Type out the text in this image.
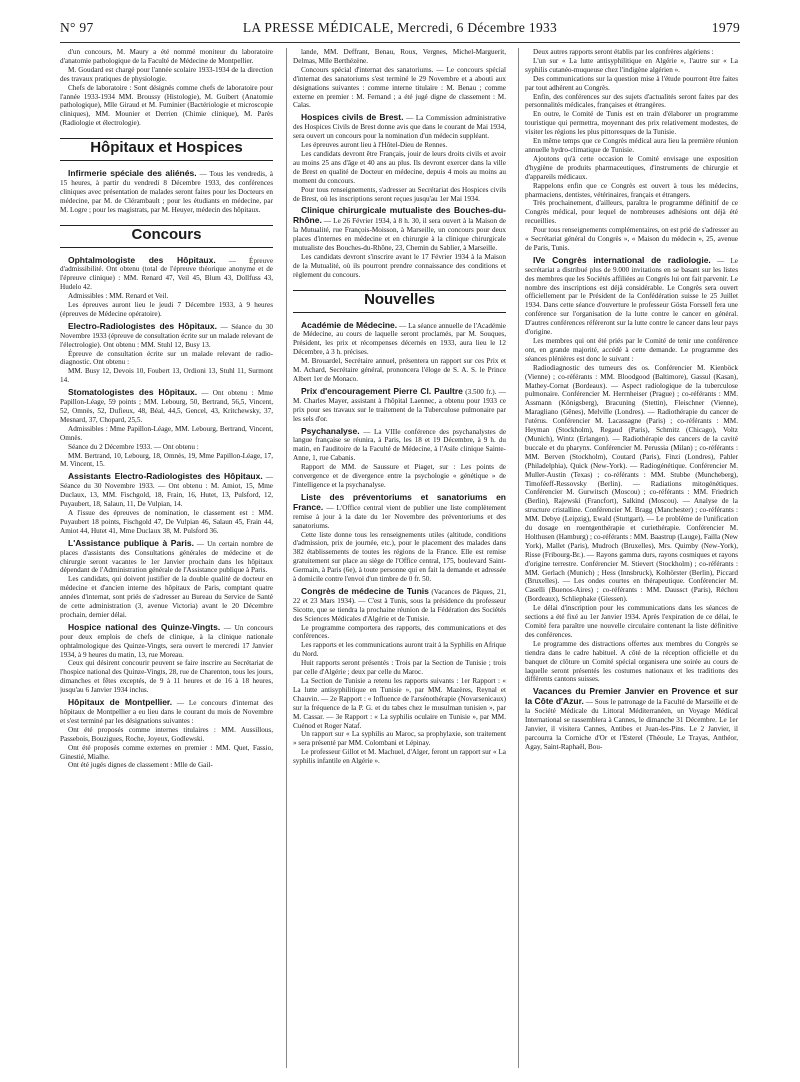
N° 97	LA PRESSE MÉDICALE, Mercredi, 6 Décembre 1933	1979

d'un concours, M. Maury a été nommé moniteur du laboratoire d'anatomie pathologique de la Faculté de Médecine de Montpellier.

M. Goudard est chargé pour l'année scolaire 1933-1934 de la direction des travaux pratiques de physiologie.

Chefs de laboratoire : Sont désignés comme chefs de laboratoire pour l'année 1933-1934 MM. Broussy (Histologie), M. Guibert (Anatomie pathologique), Mlle Giraud et M. Fuminier (Bactériologie et microscopie cliniques), MM. Mounier et Derrien (Chimie clinique), M. Parès (Radiologie et électrologie).

Hôpitaux et Hospices

Infirmerie spéciale des aliénés. — Tous les vendredis, à 15 heures, à partir du vendredi 8 Décembre 1933, des conférences cliniques avec présentation de malades seront faites pour les Docteurs en médecine, par M. de Clérambault ; pour les étudiants en médecine, par M. Logre ; pour les magistrats, par M. Heuyer, médecin des hôpitaux.

Concours

Ophtalmologiste des Hôpitaux. — Épreuve d'admissibilité. Ont obtenu (total de l'épreuve théorique anonyme et de l'épreuve clinique) : MM. Renard 47, Veil 45, Blum 43, Dollfuss 43, Hudelo 42.

Admissibles : MM. Renard et Veil.

Les épreuves auront lieu le jeudi 7 Décembre 1933, à 9 heures (épreuves de Médecine opératoire).

Electro-Radiologistes des Hôpitaux. — Séance du 30 Novembre 1933 (épreuve de consultation écrite sur un malade relevant de l'électrologie). Ont obtenu : MM. Stuhl 12, Busy 13.

Épreuve de consultation écrite sur un malade relevant de radio-diagnostic. Ont obtenu :

MM. Busy 12, Devois 10, Foubert 13, Ordioni 13, Stuhl 11, Surmont 14.

Stomatologistes des Hôpitaux. — Ont obtenu : Mme Papillon-Léage, 59 points ; MM. Lebourg, 50, Bertrand, 56,5, Vincent, 52, Omnès, 52, Dufieux, 48, Béal, 44,5, Gencel, 43, Kritchewsky, 37, Mesnard, 37, Chopard, 25,5.

Admissibles : Mme Papillon-Léage, MM. Lebourg, Bertrand, Vincent, Omnès.

Séance du 2 Décembre 1933. — Ont obtenu :

MM. Bertrand, 10, Lebourg, 18, Omnès, 19, Mme Papillon-Léage, 17, M. Vincent, 15.

Assistants Electro-Radiologistes des Hôpitaux. — Séance du 30 Novembre 1933. — Ont obtenu : M. Amiot, 15, Mme Duclaux, 13, MM. Fischgold, 18, Frain, 16, Hutet, 13, Pulsford, 12, Puyaubert, 18, Salaun, 11, De Vulpian, 14.

A l'issue des épreuves de nomination, le classement est : MM. Puyaubert 18 points, Fischgold 47, De Vulpian 46, Salaun 45, Frain 44, Amiot 44, Hutet 41, Mme Duclaux 38, M. Pulsford 36.

L'Assistance publique à Paris. — Un certain nombre de places d'assistants des Consultations générales de médecine et de chirurgie seront vacantes le 1er Janvier prochain dans les hôpitaux dépendant de l'Administration générale de l'Assistance publique à Paris.

Les candidats, qui doivent justifier de la double qualité de docteur en médecine et d'ancien interne des hôpitaux de Paris, comptant quatre années d'internat, sont priés de s'adresser au Bureau du Service de Santé de cette administration (3, avenue Victoria) avant le 20 Décembre prochain, dernier délai.

Hospice national des Quinze-Vingts. — Un concours pour deux emplois de chefs de clinique, à la clinique nationale ophtalmologique des Quinze-Vingts, sera ouvert le mercredi 17 Janvier 1934, à 9 heures du matin, 13, rue Moreau.

Ceux qui désirent concourir peuvent se faire inscrire au Secrétariat de l'hospice national des Quinze-Vingts, 28, rue de Charenton, tous les jours, dimanches et fêtes exceptés, de 9 à 11 heures et de 16 à 18 heures, jusqu'au 6 Janvier 1934 inclus.

Hôpitaux de Montpellier. — Le concours d'internat des hôpitaux de Montpellier a eu lieu dans le courant du mois de Novembre et s'est terminé par les désignations suivantes :

Ont été proposés comme internes titulaires : MM. Aussillous, Passebois, Bouzigues, Roche, Joyeux, Godlewski.

Ont été proposés comme externes en premier : MM. Quet, Fassio, Ginestié, Mialhe.

Ont été jugés dignes de classement : Mlle de Gail-

lande, MM. Deffrant, Benau, Roux, Vergnes, Michel-Marguerit, Delmas, Mlle Berthézène.

Concours spécial d'internat des sanatoriums. — Le concours spécial d'internat des sanatoriums s'est terminé le 29 Novembre et a abouti aux désignations suivantes : comme interne titulaire : M. Benau ; comme externe en premier : M. Fernand ; a été jugé digne de classement : M. Calas.

Hospices civils de Brest. — La Commission administrative des Hospices Civils de Brest donne avis que dans le courant de Mai 1934, sera ouvert un concours pour la nomination d'un médecin suppléant.

Les épreuves auront lieu à l'Hôtel-Dieu de Rennes.

Les candidats devront être Français, jouir de leurs droits civils et avoir au moins 25 ans d'âge et 40 ans au plus. Ils devront exercer dans la ville de Brest en qualité de Docteur en médecine, depuis 4 mois au moins au moment du concours.

Pour tous renseignements, s'adresser au Secrétariat des Hospices civils de Brest, où les inscriptions seront reçues jusqu'au 1er Mai 1934.

Clinique chirurgicale mutualiste des Bouches-du-Rhône. — Le 26 Février 1934, à 8 h. 30, il sera ouvert à la Maison de la Mutualité, rue François-Moisson, à Marseille, un concours pour deux places d'internes en médecine et en chirurgie à la clinique chirurgicale mutualiste des Bouches-du-Rhône, 23, Chemin du Sablier, à Marseille.

Les candidats devront s'inscrire avant le 17 Février 1934 à la Maison de la Mutualité, où ils pourront prendre connaissance des conditions et règlement du concours.

Nouvelles

Académie de Médecine. — La séance annuelle de l'Académie de Médecine, au cours de laquelle seront proclamés, par M. Souques, Président, les prix et récompenses décernés en 1933, aura lieu le 12 Décembre, à 3 h. précises.

M. Brouardel, Secrétaire annuel, présentera un rapport sur ces Prix et M. Achard, Secrétaire général, prononcera l'éloge de S. A. S. le Prince Albert 1er de Monaco.

Prix d'encouragement Pierre Cl. Paultre (3.500 fr.). — M. Charles Mayer, assistant à l'hôpital Laennec, a obtenu pour 1933 ce prix pour ses travaux sur le traitement de la Tuberculose pulmonaire par les sels d'or.

Psychanalyse. — La VIIIe conférence des psychanalystes de langue française se réunira, à Paris, les 18 et 19 Décembre, à 9 h. du matin, en l'auditoire de la Faculté de Médecine, à l'Asile clinique Sainte-Anne, 1, rue Cabanis.

Rapport de MM. de Saussure et Piaget, sur : Les points de convergence et de divergence entre la psychologie « génétique » de l'intelligence et la psychanalyse.

Liste des préventoriums et sanatoriums en France. — L'Office central vient de publier une liste complètement remise à jour à la date du 1er Novembre des préventoriums et des sanatoriums.

Cette liste donne tous les renseignements utiles (altitude, conditions d'admission, prix de journée, etc.), pour le placement des malades dans 382 établissements de toutes les régions de la France. Elle est remise gratuitement sur place au siège de l'Office central, 175, boulevard Saint-Germain, à Paris (6e), à toute personne qui en fait la demande et adressée à domicile contre l'envoi d'un timbre de 0 fr. 50.

Congrès de médecine de Tunis (Vacances de Pâques, 21, 22 et 23 Mars 1934). — C'est à Tunis, sous la présidence du professeur Sicotte, que se tiendra la prochaine réunion de la Fédération des Sociétés des Sciences Médicales d'Algérie et de Tunisie.

Le programme comportera des rapports, des communications et des conférences.

Les rapports et les communications auront trait à la Syphilis en Afrique du Nord.

Huit rapports seront présentés : Trois par la Section de Tunisie ; trois par celle d'Algérie ; deux par celle du Maroc.

La Section de Tunisie a retenu les rapports suivants : 1er Rapport : « La lutte antisyphilitique en Tunisie », par MM. Mazères, Reynal et Chauvin. — 2e Rapport : « Influence de l'arsénothérapie (Novarsenicaux) sur la fréquence de la P. G. et du tabes chez le musulman tunisien », par M. Cassar. — 3e Rapport : « La syphilis oculaire en Tunisie », par MM. Cuénod et Roger Nataf.

Un rapport sur « La syphilis au Maroc, sa prophylaxie, son traitement » sera présenté par MM. Colombani et Lépinay.

Le professeur Gillot et M. Machuel, d'Alger, feront un rapport sur « La syphilis infantile en Algérie ».

Deux autres rapports seront établis par les confrères algériens :

L'un sur « La lutte antisyphilitique en Algérie », l'autre sur « La syphilis cutanéo-muqueuse chez l'indigène algérien ».

Des communications sur la question mise à l'étude pourront être faites par tout adhérent au Congrès.

Enfin, des conférences sur des sujets d'actualités seront faites par des personnalités médicales, françaises et étrangères.

En outre, le Comité de Tunis est en train d'élaborer un programme touristique qui permettra, moyennant des prix relativement modestes, de visiter les régions les plus pittoresques de la Tunisie.

En même temps que ce Congrès médical aura lieu la première réunion annuelle hydro-climatique de Tunisie.

Ajoutons qu'à cette occasion le Comité envisage une exposition d'hygiène de produits pharmaceutiques, d'instruments de chirurgie et d'appareils médicaux.

Rappelons enfin que ce Congrès est ouvert à tous les médecins, pharmaciens, dentistes, vétérinaires, français et étrangers.

Très prochainement, d'ailleurs, paraîtra le programme définitif de ce Congrès médical, pour lequel de nombreuses adhésions ont déjà été recueillies.

Pour tous renseignements complémentaires, on est prié de s'adresser au « Secrétariat général du Congrès », « Maison du médecin », 25, avenue de Paris, Tunis.

IVe Congrès international de radiologie. — Le secrétariat a distribué plus de 9.000 invitations en se basant sur les listes des membres que les Sociétés affiliées au Congrès lui ont fait parvenir. Le nombre des inscriptions est déjà considérable. Le Congrès sera ouvert officiellement par le Président de la Confédération suisse le 25 Juillet 1934. Dans cette séance d'ouverture le professeur Gösta Forssell fera une conférence sur l'organisation de la lutte contre le cancer en général. D'autres conférences référeront sur la lutte contre le cancer dans leur pays d'origine.

Les membres qui ont été priés par le Comité de tenir une conférence ont, en grande majorité, accédé à cette demande. Le programme des séances plénières est donc le suivant :

Radiodiagnostic des tumeurs des os. Conférencier M. Kienböck (Vienne) ; co-référants : MM. Bloodgood (Baltimore), Gassul (Kasan), Mathey-Cornat (Bordeaux). — Aspect radiologique de la tuberculose pulmonaire. Conférencier M. Herrnheiser (Prague) ; co-référants : MM. Assmann (Königsberg), Bracuning (Stettin), Fleischner (Vienne), Maragliano (Gênes), Melville (Londres). — Radiothérapie du cancer de l'utérus. Conférencier M. Lacassagne (Paris) ; co-référants : MM. Heyman (Stockholm), Regaud (Paris), Schmitz (Chicago), Voltz (Munich), Wintz (Erlangen). — Radiothérapie des cancers de la cavité buccale et du pharynx. Conférencier M. Perussia (Milan) ; co-référants : MM. Berven (Stockholm), Coutard (Paris), Finzi (Londres), Pahler (Philadelphia), Quick (New-York). — Radiogénétique. Conférencier M. Muller-Austin (Texas) ; co-référants : MM. Stubbe (Muncheberg), Timoféeff-Ressovsky (Berlin). — Radiations mitogénétiques. Conférencier M. Gurwitsch (Moscou) ; co-référants : MM. Friedrich (Berlin), Rajewski (Francfort), Salkind (Moscou). — Analyse de la structure cristalline. Conférencier M. Bragg (Manchester) ; co-référants : MM. Debye (Leipzig), Ewald (Stuttgart). — Le problème de l'unification du dosage en roentgenthérapie et curiethérapie. Conférencier M. Holthusen (Hamburg) ; co-référants : MM. Baastrup (Lauge), Failla (New York), Mallet (Paris), Mudroch (Bruxelles), Mrs. Quimby (New-York), Risse (Fribourg-Br.). — Rayons gamma durs, rayons cosmiques et rayons d'origine terrestre. Conférencier M. Stievert (Stockholm) ; co-référants : MM. Gerlach (Munich) ; Hess (Innsbruck), Kolhörster (Berlin), Piccard (Bruxelles). — Les ondes courtes en thérapeutique. Conférencier M. Caselli (Buenos-Aires) ; co-référants : MM. Daussct (Paris), Réchou (Bordeaux), Schliephake (Giessen).

Le délai d'inscription pour les communications dans les séances de sections a été fixé au 1er Janvier 1934. Après l'expiration de ce délai, le Comité fera paraître une nouvelle circulaire contenant la liste définitive des conférences.

Le programme des distractions offertes aux membres du Congrès se tiendra dans le cadre habituel. A côté de la réception officielle et du banquet de clôture un Comité spécial organisera une soirée au cours de laquelle seront présentés les costumes nationaux et les traditions des différents cantons suisses.

Vacances du Premier Janvier en Provence et sur la Côte d'Azur. — Sous le patronage de la Faculté de Marseille et de la Société Médicale du Littoral Méditerranéen, un Voyage Médical International se rassemblera à Cannes, le dimanche 31 Décembre. Le 1er Janvier, il visitera Cannes, Antibes et Juan-les-Pins. Le 2 Janvier, il parcourra la Corniche d'Or et l'Esterel (Théoule, Le Trayas, Anthéor, Agay, Saint-Raphaël, Bou-
